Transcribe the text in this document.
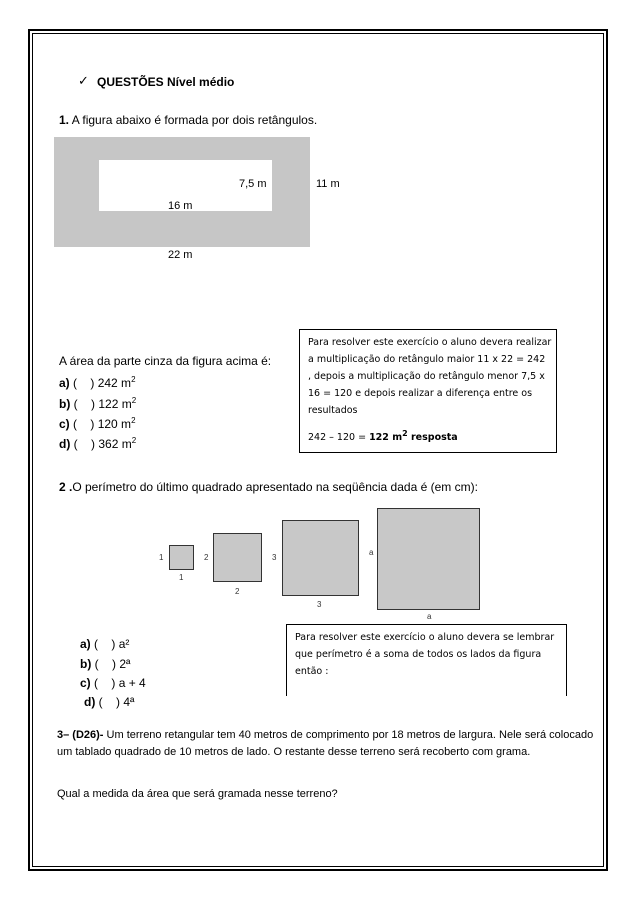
✓ QUESTÕES Nível médio
1. A figura abaixo é formada por dois retângulos.
7,5 m	11 m
16 m
22 m
A área da parte cinza da figura acima é:
a) ( ) 242 $m^2$
b) ( ) 122 $m^2$
c) ( ) 120 $m^2$
d) ( ) 362 $m^2$
Para resolver este exercício o aluno devera realizar
a multiplicação do retângulo maior 11 x 22 = 242
, depois a multiplicação do retângulo menor 7,5 x
16 = 120 e depois realizar a diferença entre os
resultados
242 – 120 = 122 $m^2$ resposta
2 .O perímetro do último quadrado apresentado na seqüência dada é (em cm):
1
1
2
2
3
3
a
a
a) ( ) a²
b) ( ) 2ª
c) ( ) a + 4
d) ( ) 4ª
Para resolver este exercício o aluno devera se lembrar
que perímetro é a soma de todos os lados da figura
então :
3– (D26)- Um terreno retangular tem 40 metros de comprimento por 18 metros de largura. Nele será colocado um tablado quadrado de 10 metros de lado. O restante desse terreno será recoberto com grama.
Qual a medida da área que será gramada nesse terreno?
